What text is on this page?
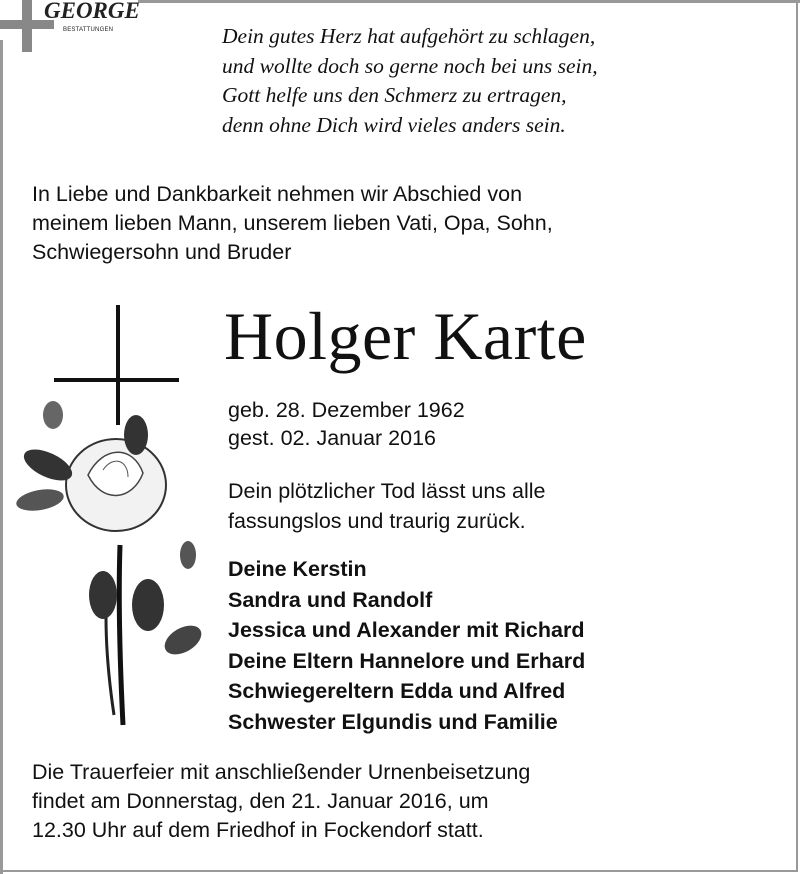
GEORGE
BESTATTUNGEN	Dein gutes Herz hat aufgehört zu schlagen,
und wollte doch so gerne noch bei uns sein,
Gott helfe uns den Schmerz zu ertragen,
denn ohne Dich wird vieles anders sein.
In Liebe und Dankbarkeit nehmen wir Abschied von
meinem lieben Mann, unserem lieben Vati, Opa, Sohn,
Schwiegersohn und Bruder
Holger Karte
geb. 28. Dezember 1962
gest. 02. Januar 2016
Dein plötzlicher Tod lässt uns alle
fassungslos und traurig zurück.
Deine Kerstin
Sandra und Randolf
Jessica und Alexander mit Richard
Deine Eltern Hannelore und Erhard
Schwiegereltern Edda und Alfred
Schwester Elgundis und Familie
Die Trauerfeier mit anschließender Urnenbeisetzung
findet am Donnerstag, den 21. Januar 2016, um
12.30 Uhr auf dem Friedhof in Fockendorf statt.
